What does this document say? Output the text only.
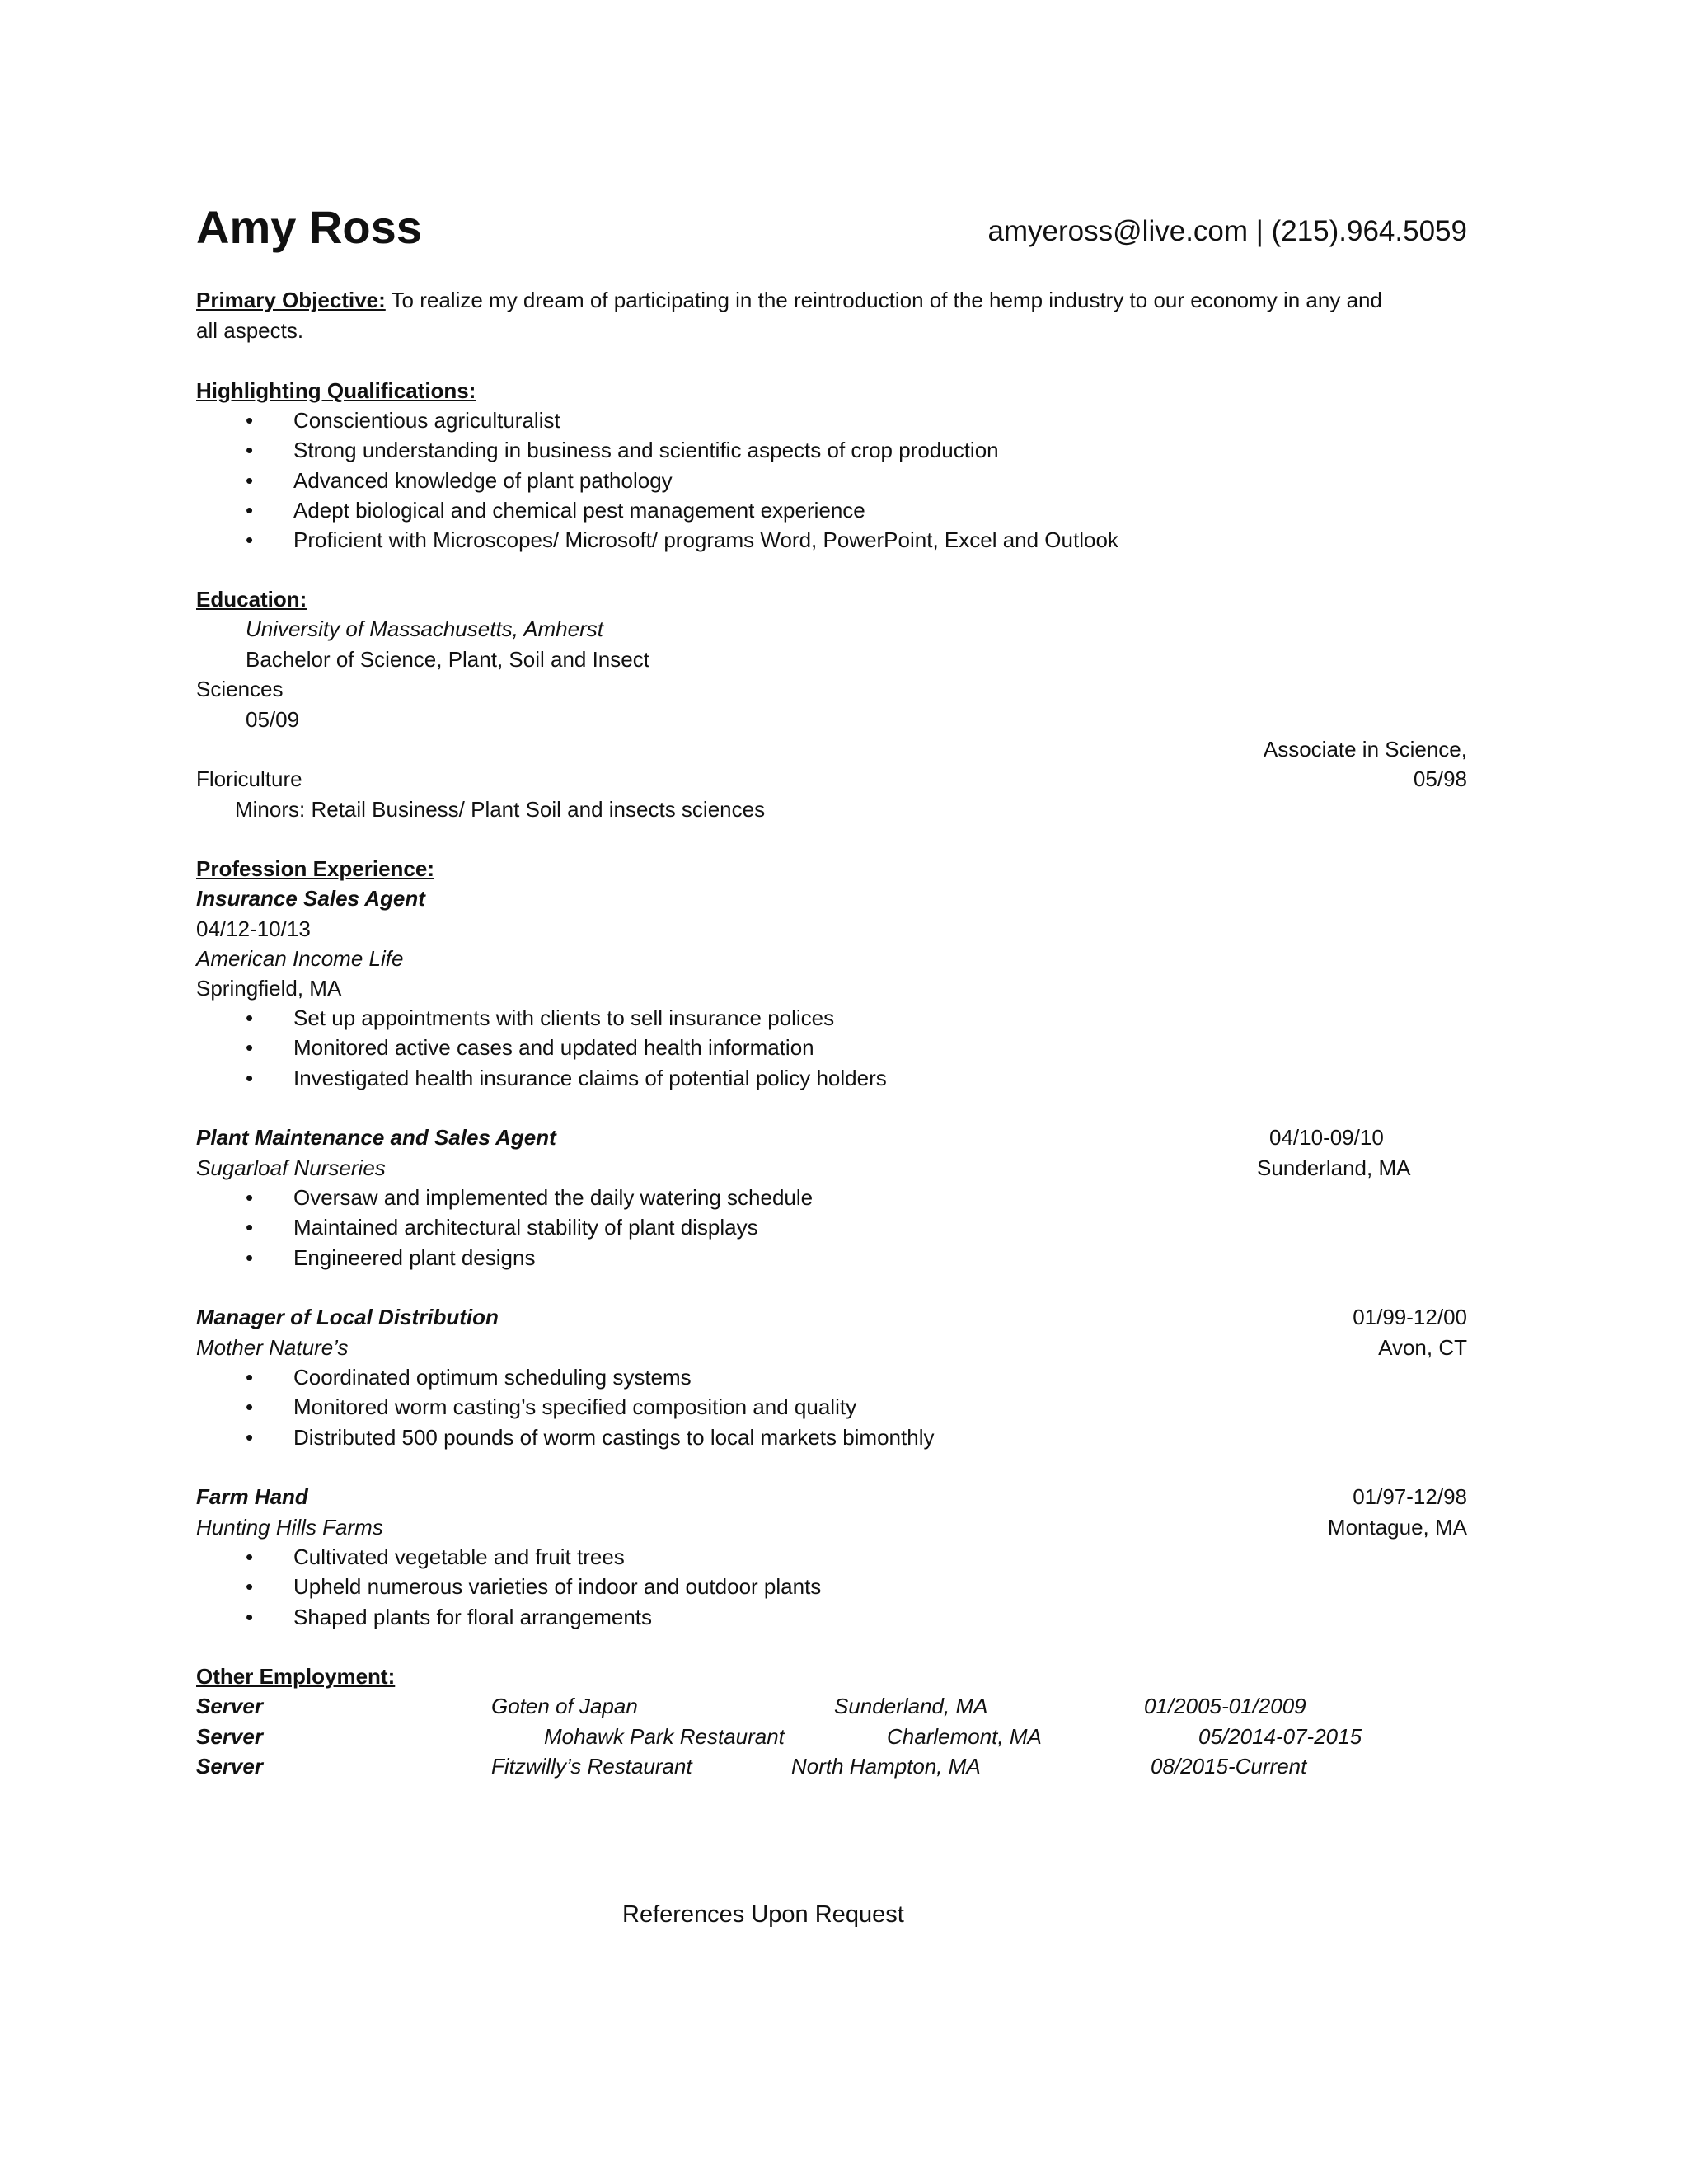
Amy Ross	amyeross@live.com | (215).964.5059
Primary Objective: To realize my dream of participating in the reintroduction of the hemp industry to our economy in any and
all aspects.
Highlighting Qualifications:
• Conscientious agriculturalist
• Strong understanding in business and scientific aspects of crop production
• Advanced knowledge of plant pathology
• Adept biological and chemical pest management experience
• Proficient with Microscopes/ Microsoft/ programs Word, PowerPoint, Excel and Outlook
Education:
University of Massachusetts, Amherst
Bachelor of Science, Plant, Soil and Insect
Sciences
05/09
Associate in Science,
Floriculture	05/98
Minors: Retail Business/ Plant Soil and insects sciences
Profession Experience:
Insurance Sales Agent
04/12-10/13
American Income Life
Springfield, MA
• Set up appointments with clients to sell insurance polices
• Monitored active cases and updated health information
• Investigated health insurance claims of potential policy holders
Plant Maintenance and Sales Agent	04/10-09/10
Sugarloaf Nurseries	Sunderland, MA
• Oversaw and implemented the daily watering schedule
• Maintained architectural stability of plant displays
• Engineered plant designs
Manager of Local Distribution	01/99-12/00
Mother Nature’s	Avon, CT
• Coordinated optimum scheduling systems
• Monitored worm casting’s specified composition and quality
• Distributed 500 pounds of worm castings to local markets bimonthly
Farm Hand	01/97-12/98
Hunting Hills Farms	Montague, MA
• Cultivated vegetable and fruit trees
• Upheld numerous varieties of indoor and outdoor plants
• Shaped plants for floral arrangements
Other Employment:
Server	Goten of Japan	Sunderland, MA	01/2005-01/2009
Server	Mohawk Park Restaurant	Charlemont, MA	05/2014-07-2015
Server	Fitzwilly’s Restaurant	North Hampton, MA	08/2015-Current
References Upon Request
